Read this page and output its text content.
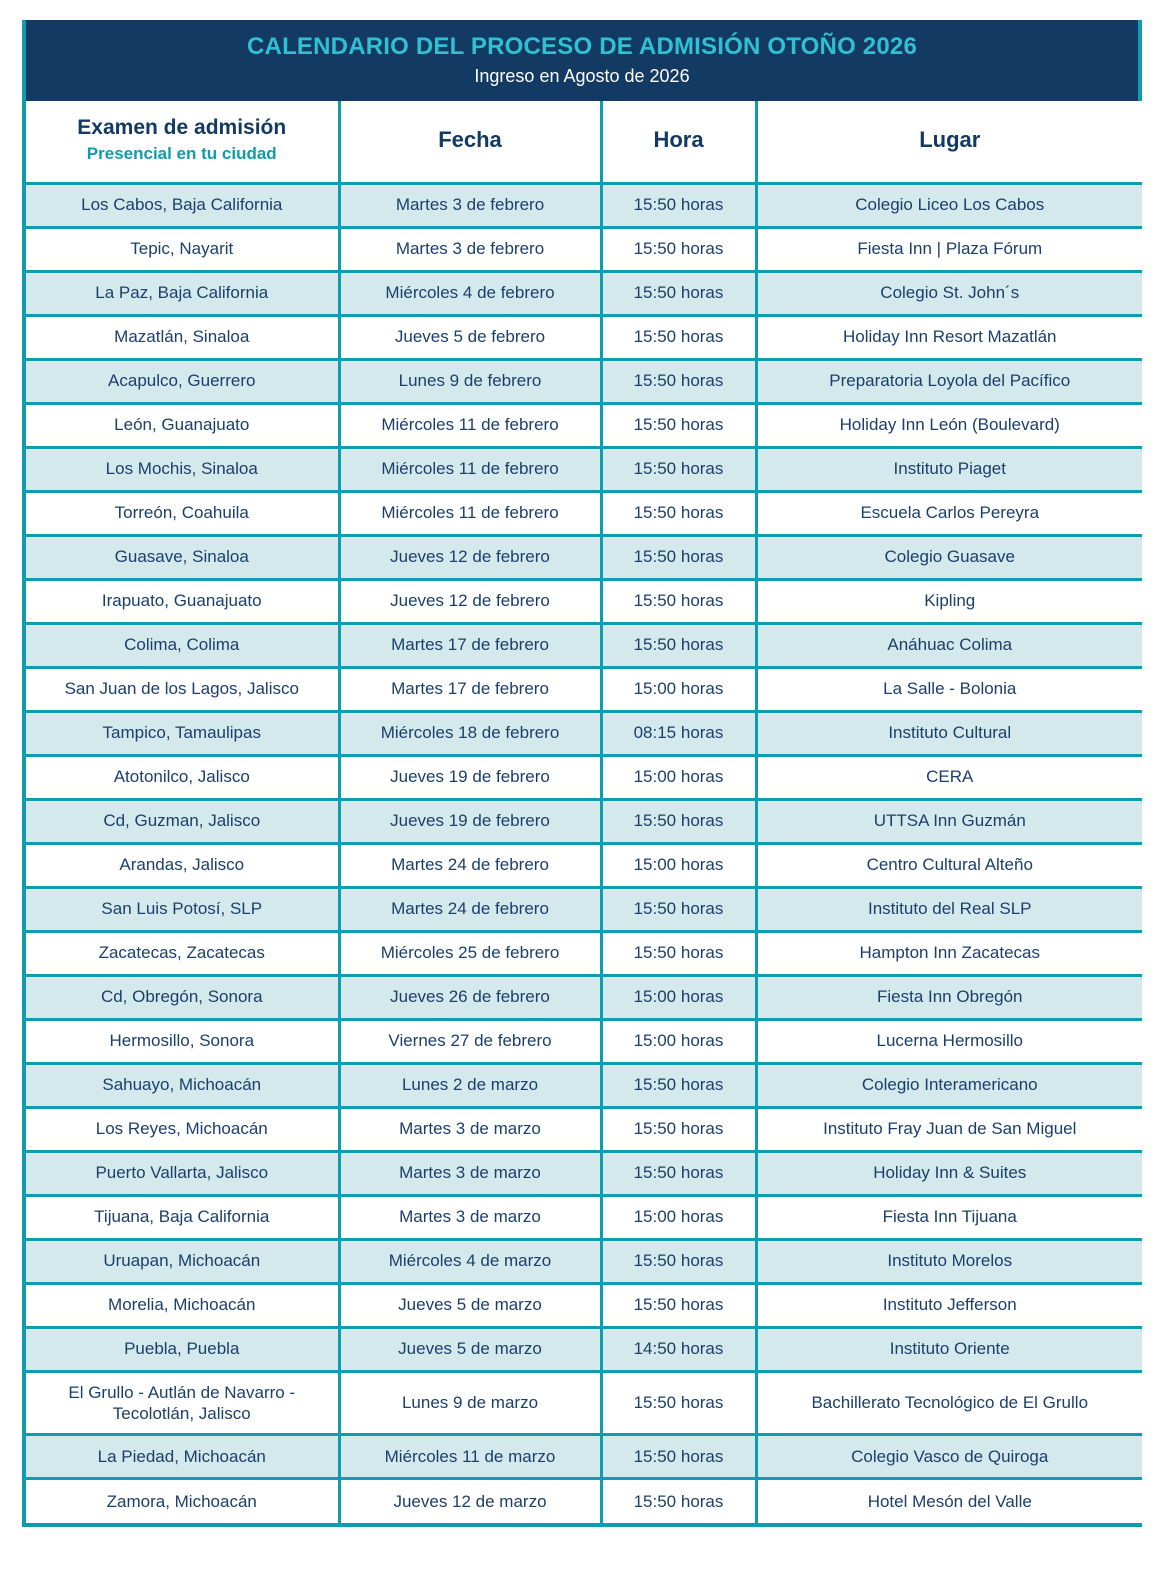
CALENDARIO DEL PROCESO DE ADMISIÓN OTOÑO 2026
Ingreso en Agosto de 2026
Examen de admisión
Presencial en tu ciudad	Fecha	Hora	Lugar

Los Cabos, Baja California	Martes 3 de febrero	15:50 horas	Colegio Liceo Los Cabos
Tepic, Nayarit	Martes 3 de febrero	15:50 horas	Fiesta Inn | Plaza Fórum
La Paz, Baja California	Miércoles 4 de febrero	15:50 horas	Colegio St. John´s
Mazatlán, Sinaloa	Jueves 5 de febrero	15:50 horas	Holiday Inn Resort Mazatlán
Acapulco, Guerrero	Lunes 9 de febrero	15:50 horas	Preparatoria Loyola del Pacífico
León, Guanajuato	Miércoles 11 de febrero	15:50 horas	Holiday Inn León (Boulevard)
Los Mochis, Sinaloa	Miércoles 11 de febrero	15:50 horas	Instituto Piaget
Torreón, Coahuila	Miércoles 11 de febrero	15:50 horas	Escuela Carlos Pereyra
Guasave, Sinaloa	Jueves 12 de febrero	15:50 horas	Colegio Guasave
Irapuato, Guanajuato	Jueves 12 de febrero	15:50 horas	Kipling
Colima, Colima	Martes 17 de febrero	15:50 horas	Anáhuac Colima
San Juan de los Lagos, Jalisco	Martes 17 de febrero	15:00 horas	La Salle - Bolonia
Tampico, Tamaulipas	Miércoles 18 de febrero	08:15 horas	Instituto Cultural
Atotonilco, Jalisco	Jueves 19 de febrero	15:00 horas	CERA
Cd, Guzman, Jalisco	Jueves 19 de febrero	15:50 horas	UTTSA Inn Guzmán
Arandas, Jalisco	Martes 24 de febrero	15:00 horas	Centro Cultural Alteño
San Luis Potosí, SLP	Martes 24 de febrero	15:50 horas	Instituto del Real SLP
Zacatecas, Zacatecas	Miércoles 25 de febrero	15:50 horas	Hampton Inn Zacatecas
Cd, Obregón, Sonora	Jueves 26 de febrero	15:00 horas	Fiesta Inn Obregón
Hermosillo, Sonora	Viernes 27 de febrero	15:00 horas	Lucerna Hermosillo
Sahuayo, Michoacán	Lunes 2 de marzo	15:50 horas	Colegio Interamericano
Los Reyes, Michoacán	Martes 3 de marzo	15:50 horas	Instituto Fray Juan de San Miguel
Puerto Vallarta, Jalisco	Martes 3 de marzo	15:50 horas	Holiday Inn & Suites
Tijuana, Baja California	Martes 3 de marzo	15:00 horas	Fiesta Inn Tijuana
Uruapan, Michoacán	Miércoles 4 de marzo	15:50 horas	Instituto Morelos
Morelia, Michoacán	Jueves 5 de marzo	15:50 horas	Instituto Jefferson
Puebla, Puebla	Jueves 5 de marzo	14:50 horas	Instituto Oriente
El Grullo - Autlán de Navarro - Tecolotlán, Jalisco	Lunes 9 de marzo	15:50 horas	Bachillerato Tecnológico de El Grullo
La Piedad, Michoacán	Miércoles 11 de marzo	15:50 horas	Colegio Vasco de Quiroga
Zamora, Michoacán	Jueves 12 de marzo	15:50 horas	Hotel Mesón del Valle
